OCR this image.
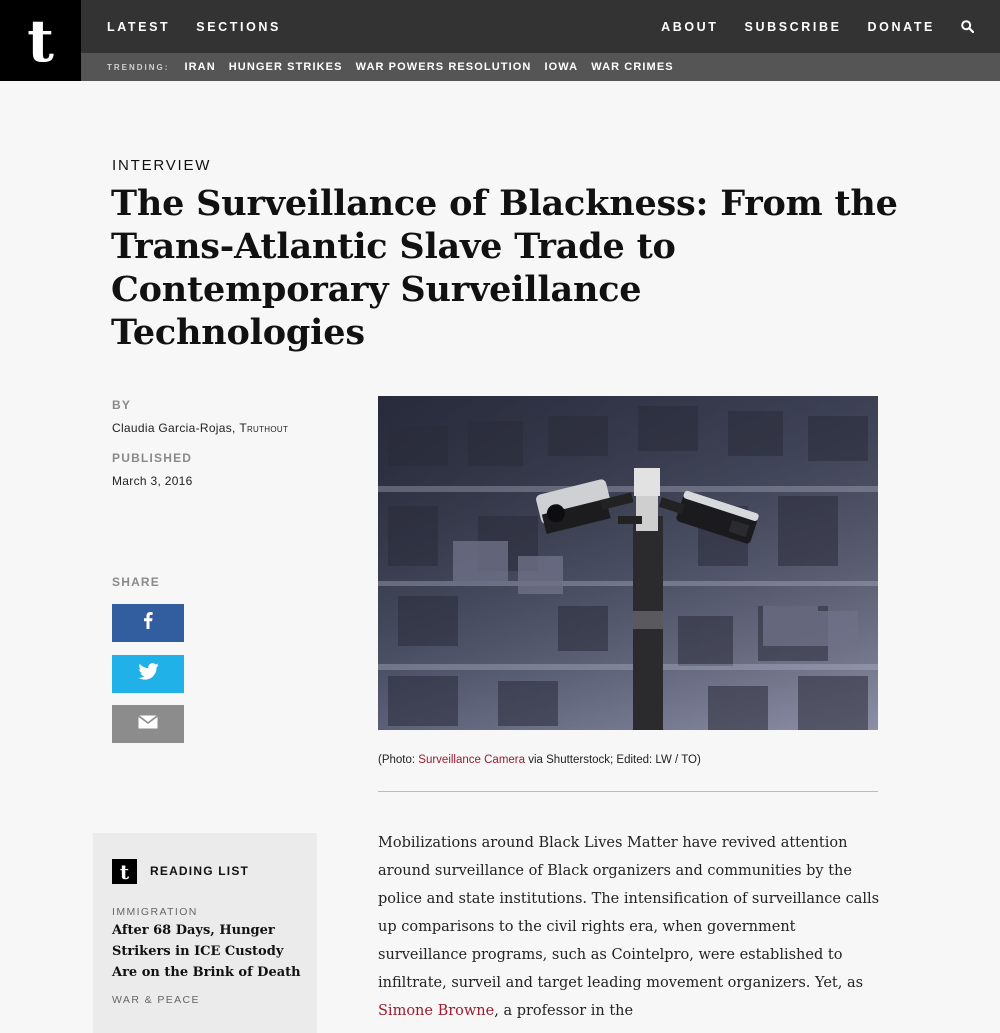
LATEST SECTIONS	ABOUT SUBSCRIBE DONATE
t	TRENDING: IRAN HUNGER STRIKES WAR POWERS RESOLUTION IOWA WAR CRIMES
INTERVIEW
The Surveillance of Blackness: From the Trans-Atlantic Slave Trade to Contemporary Surveillance Technologies
BY
Claudia Garcia-Rojas, Truthout
PUBLISHED
March 3, 2016
SHARE
(Photo: Surveillance Camera via Shutterstock; Edited: LW / TO)
t READING LIST
IMMIGRATION
After 68 Days, Hunger Strikers in ICE Custody Are on the Brink of Death
WAR & PEACE

Mobilizations around Black Lives Matter have revived attention around surveillance of Black organizers and communities by the police and state institutions. The intensification of surveillance calls up comparisons to the civil rights era, when government surveillance programs, such as Cointelpro, were established to infiltrate, surveil and target leading movement organizers. Yet, as Simone Browne, a professor in the
